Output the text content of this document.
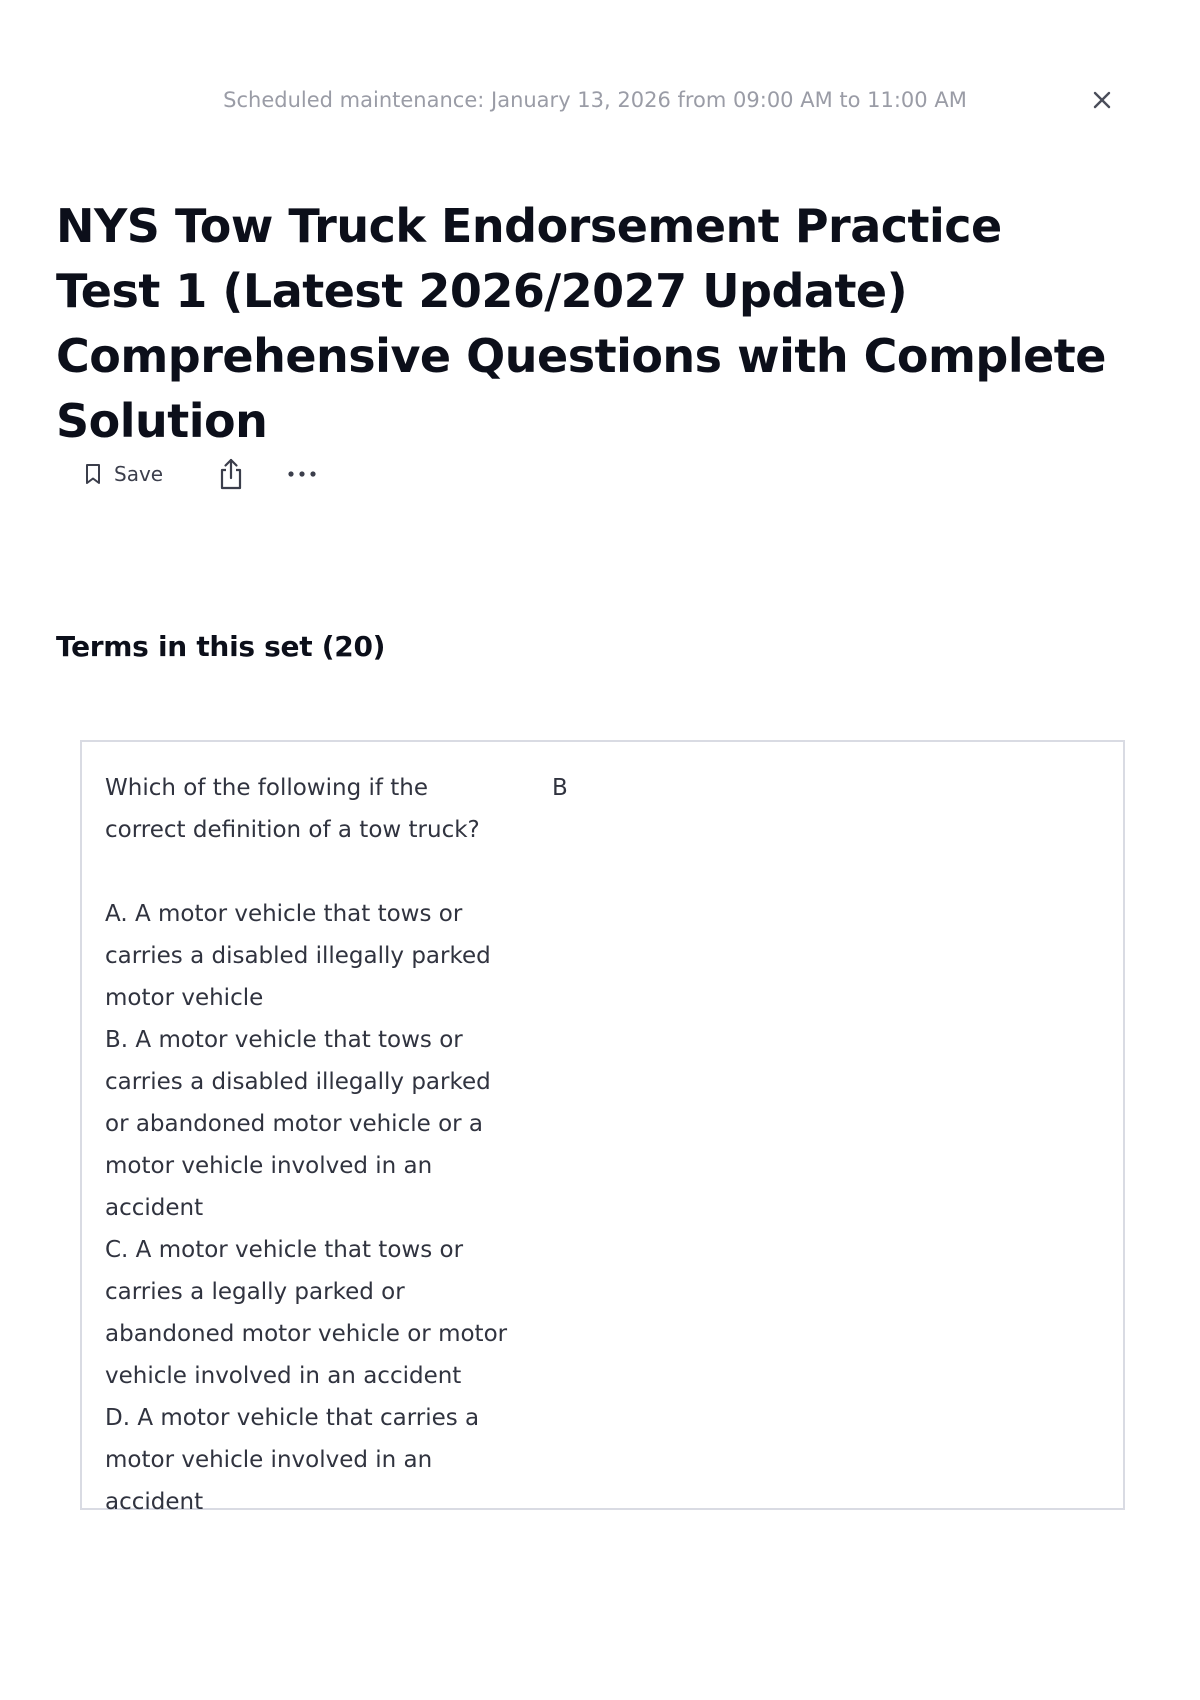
Scheduled maintenance: January 13, 2026 from 09:00 AM to 11:00 AM
NYS Tow Truck Endorsement Practice Test 1 (Latest 2026/2027 Update) Comprehensive Questions with Complete Solution
Save
Terms in this set (20)
Which of the following if the correct definition of a tow truck?

A. A motor vehicle that tows or carries a disabled illegally parked motor vehicle
B. A motor vehicle that tows or carries a disabled illegally parked or abandoned motor vehicle or a motor vehicle involved in an accident
C. A motor vehicle that tows or carries a legally parked or abandoned motor vehicle or motor vehicle involved in an accident
D. A motor vehicle that carries a motor vehicle involved in an accident
B
